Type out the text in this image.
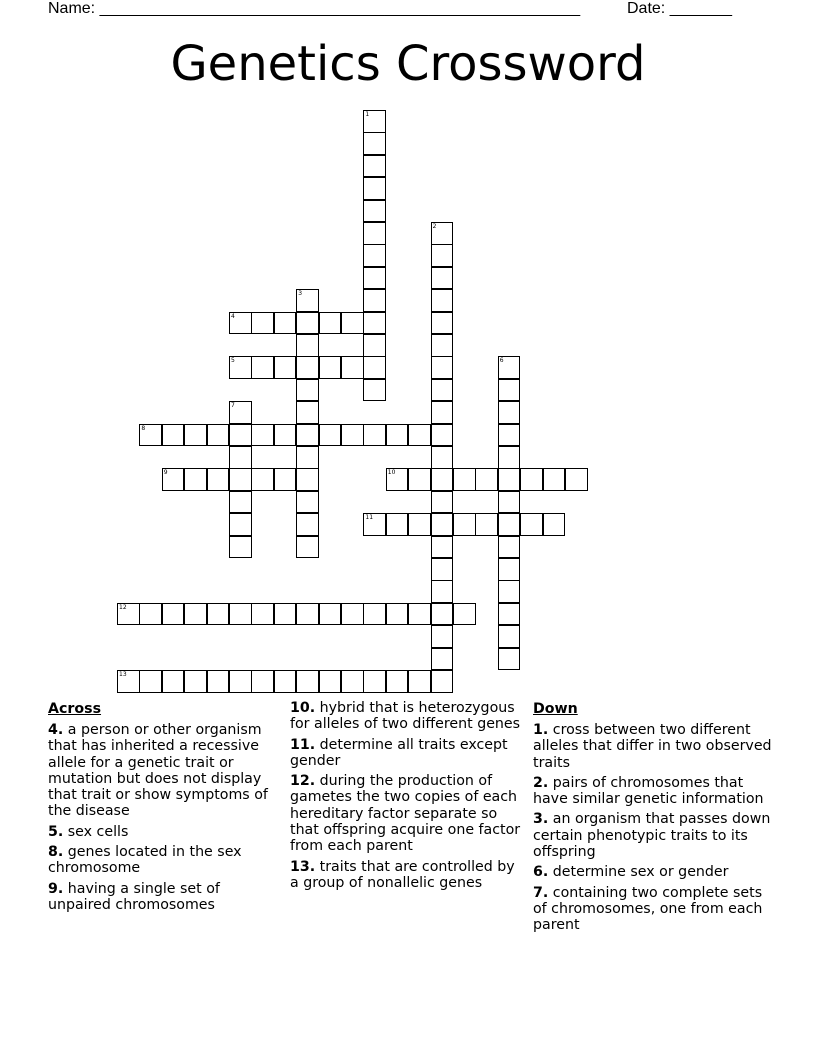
Name: ______________________________________________________	Date: _______
Genetics Crossword
1
2
3
4
5	6
7
8
9	10
11
12
13
Across
4. a person or other organism that has inherited a recessive allele for a genetic trait or mutation but does not display that trait or show symptoms of the disease
5. sex cells
8. genes located in the sex chromosome
9. having a single set of unpaired chromosomes
10. hybrid that is heterozygous for alleles of two different genes
11. determine all traits except gender
12. during the production of gametes the two copies of each hereditary factor separate so that offspring acquire one factor from each parent
13. traits that are controlled by a group of nonallelic genes
Down
1. cross between two different alleles that differ in two observed traits
2. pairs of chromosomes that have similar genetic information
3. an organism that passes down certain phenotypic traits to its offspring
6. determine sex or gender
7. containing two complete sets of chromosomes, one from each parent
